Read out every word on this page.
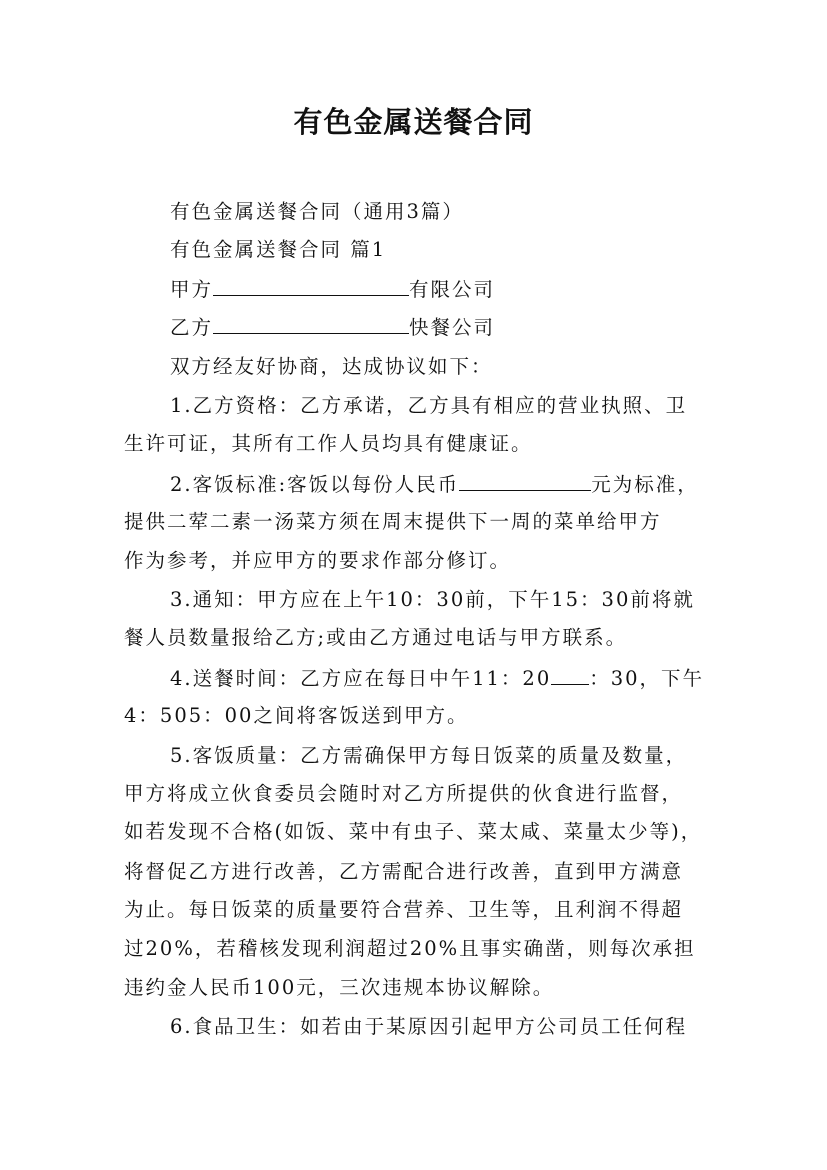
有色金属送餐合同

有色金属送餐合同（通用3篇）

有色金属送餐合同 篇1

甲方	有限公司

乙方	快餐公司

双方经友好协商，达成协议如下：

1.乙方资格：乙方承诺，乙方具有相应的营业执照、卫

生许可证，其所有工作人员均具有健康证。

2.客饭标准:客饭以每份人民币	元为标准，

提供二荤二素一汤菜方须在周末提供下一周的菜单给甲方

作为参考，并应甲方的要求作部分修订。

3.通知：甲方应在上午10：30前，下午15：30前将就

餐人员数量报给乙方;或由乙方通过电话与甲方联系。

4.送餐时间：乙方应在每日中午11：20 ：30，下午

4：505：00之间将客饭送到甲方。

5.客饭质量：乙方需确保甲方每日饭菜的质量及数量，

甲方将成立伙食委员会随时对乙方所提供的伙食进行监督，

如若发现不合格(如饭、菜中有虫子、菜太咸、菜量太少等)，

将督促乙方进行改善，乙方需配合进行改善，直到甲方满意

为止。每日饭菜的质量要符合营养、卫生等，且利润不得超

过20%，若稽核发现利润超过20%且事实确凿，则每次承担

违约金人民币100元，三次违规本协议解除。

6.食品卫生：如若由于某原因引起甲方公司员工任何程
